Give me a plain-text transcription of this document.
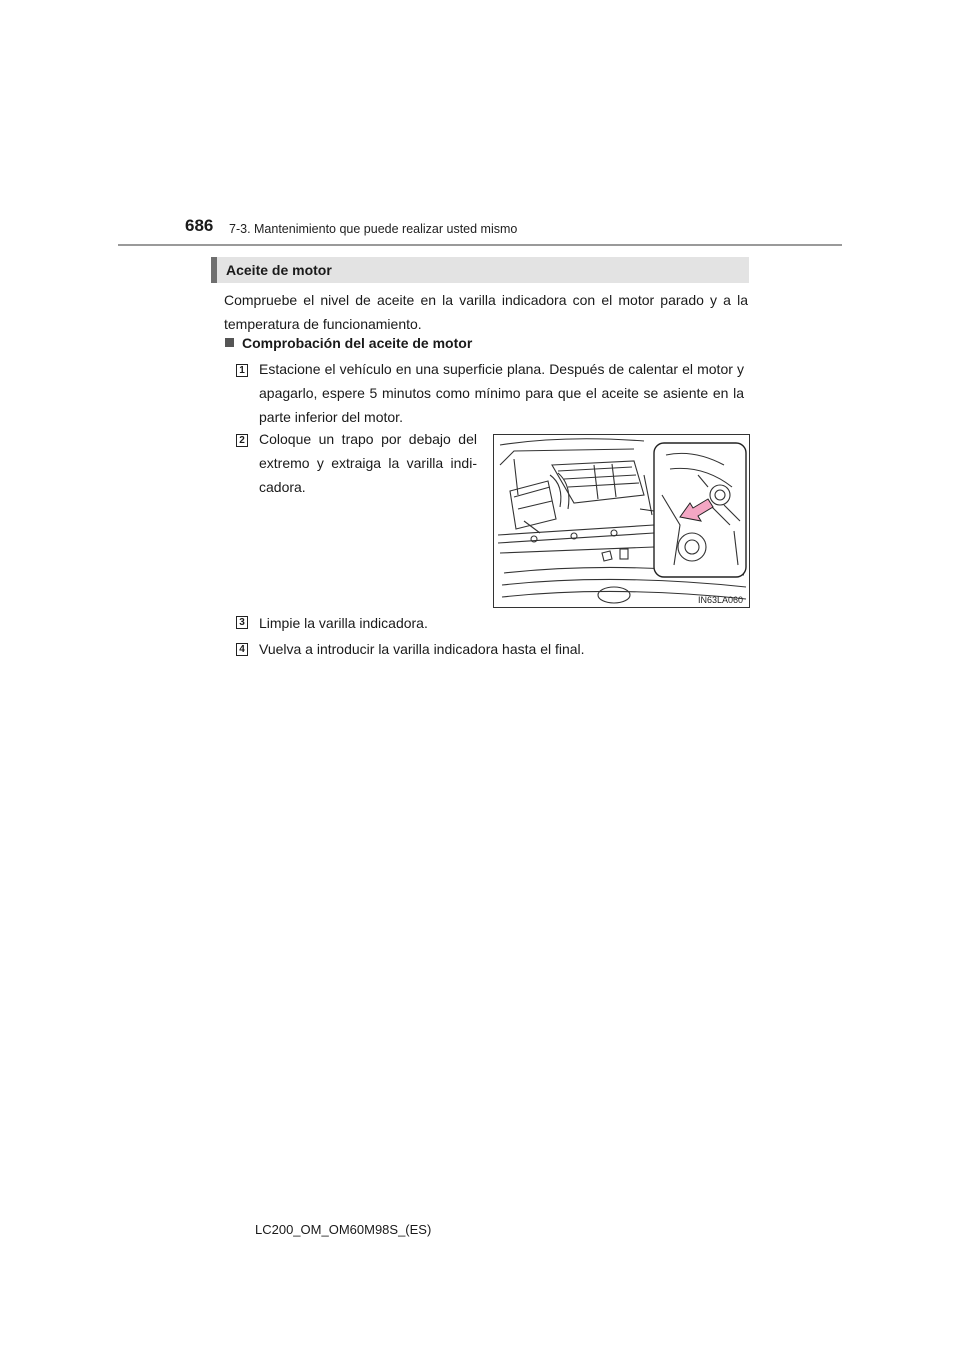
686 7-3. Mantenimiento que puede realizar usted mismo
Aceite de motor
Compruebe el nivel de aceite en la varilla indicadora con el motor parado y a la temperatura de funcionamiento.
Comprobación del aceite de motor
1 Estacione el vehículo en una superficie plana. Después de calentar el motor y apagarlo, espere 5 minutos como mínimo para que el aceite se asiente en la parte inferior del motor.
2 Coloque un trapo por debajo del extremo y extraiga la varilla indi-cadora.
IN63LA060
3 Limpie la varilla indicadora.
4 Vuelva a introducir la varilla indicadora hasta el final.
LC200_OM_OM60M98S_(ES)
